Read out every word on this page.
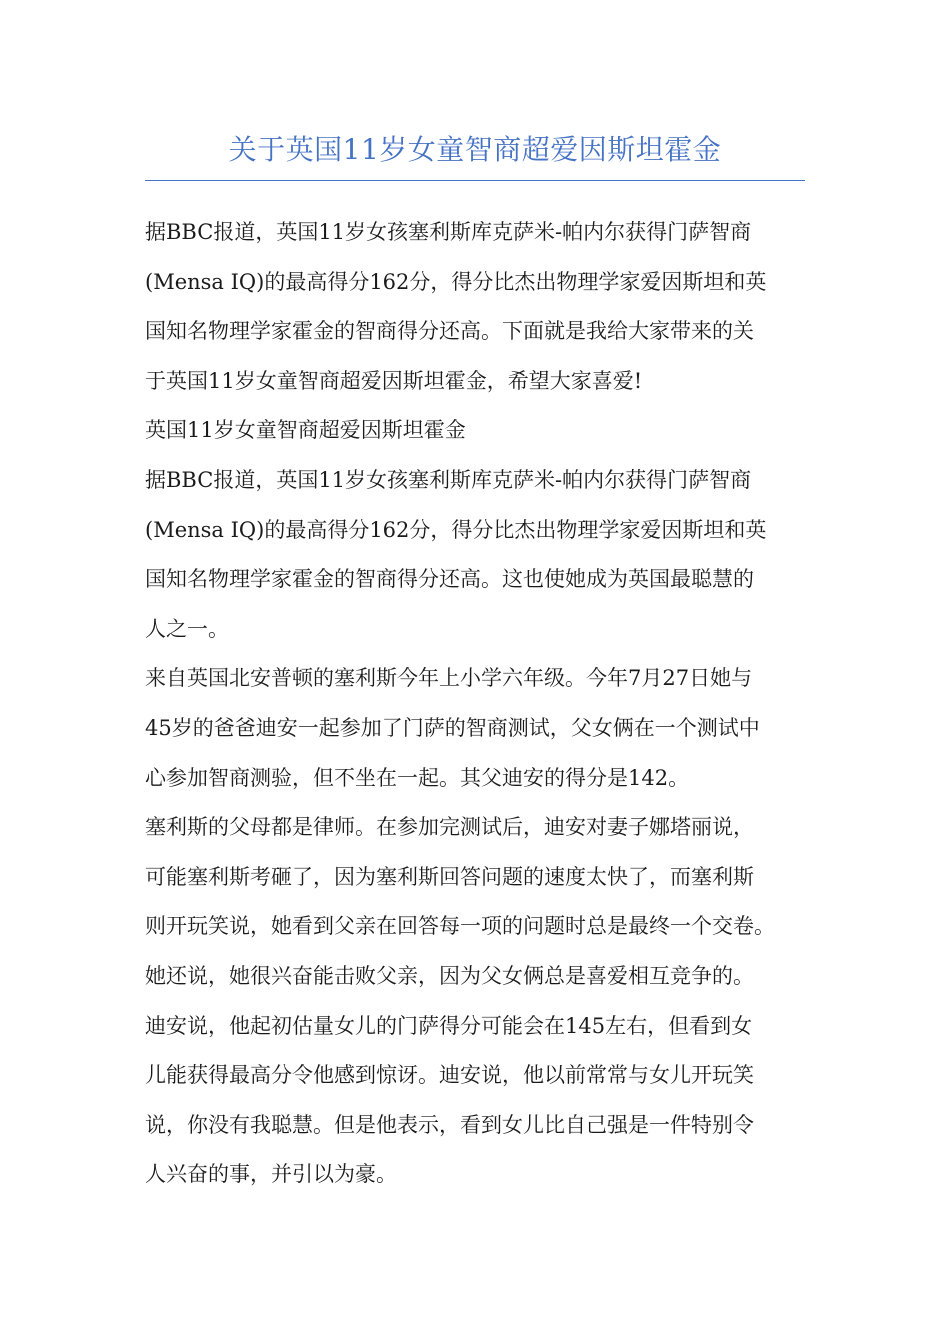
关于英国11岁女童智商超爱因斯坦霍金
据BBC报道，英国11岁女孩塞利斯库克萨米-帕内尔获得门萨智商
(Mensa IQ)的最高得分162分，得分比杰出物理学家爱因斯坦和英
国知名物理学家霍金的智商得分还高。下面就是我给大家带来的关
于英国11岁女童智商超爱因斯坦霍金，希望大家喜爱!
英国11岁女童智商超爱因斯坦霍金
据BBC报道，英国11岁女孩塞利斯库克萨米-帕内尔获得门萨智商
(Mensa IQ)的最高得分162分，得分比杰出物理学家爱因斯坦和英
国知名物理学家霍金的智商得分还高。这也使她成为英国最聪慧的
人之一。
来自英国北安普顿的塞利斯今年上小学六年级。今年7月27日她与
45岁的爸爸迪安一起参加了门萨的智商测试，父女俩在一个测试中
心参加智商测验，但不坐在一起。其父迪安的得分是142。
塞利斯的父母都是律师。在参加完测试后，迪安对妻子娜塔丽说，
可能塞利斯考砸了，因为塞利斯回答问题的速度太快了，而塞利斯
则开玩笑说，她看到父亲在回答每一项的问题时总是最终一个交卷。
她还说，她很兴奋能击败父亲，因为父女俩总是喜爱相互竞争的。
迪安说，他起初估量女儿的门萨得分可能会在145左右，但看到女
儿能获得最高分令他感到惊讶。迪安说，他以前常常与女儿开玩笑
说，你没有我聪慧。但是他表示，看到女儿比自己强是一件特别令
人兴奋的事，并引以为豪。
